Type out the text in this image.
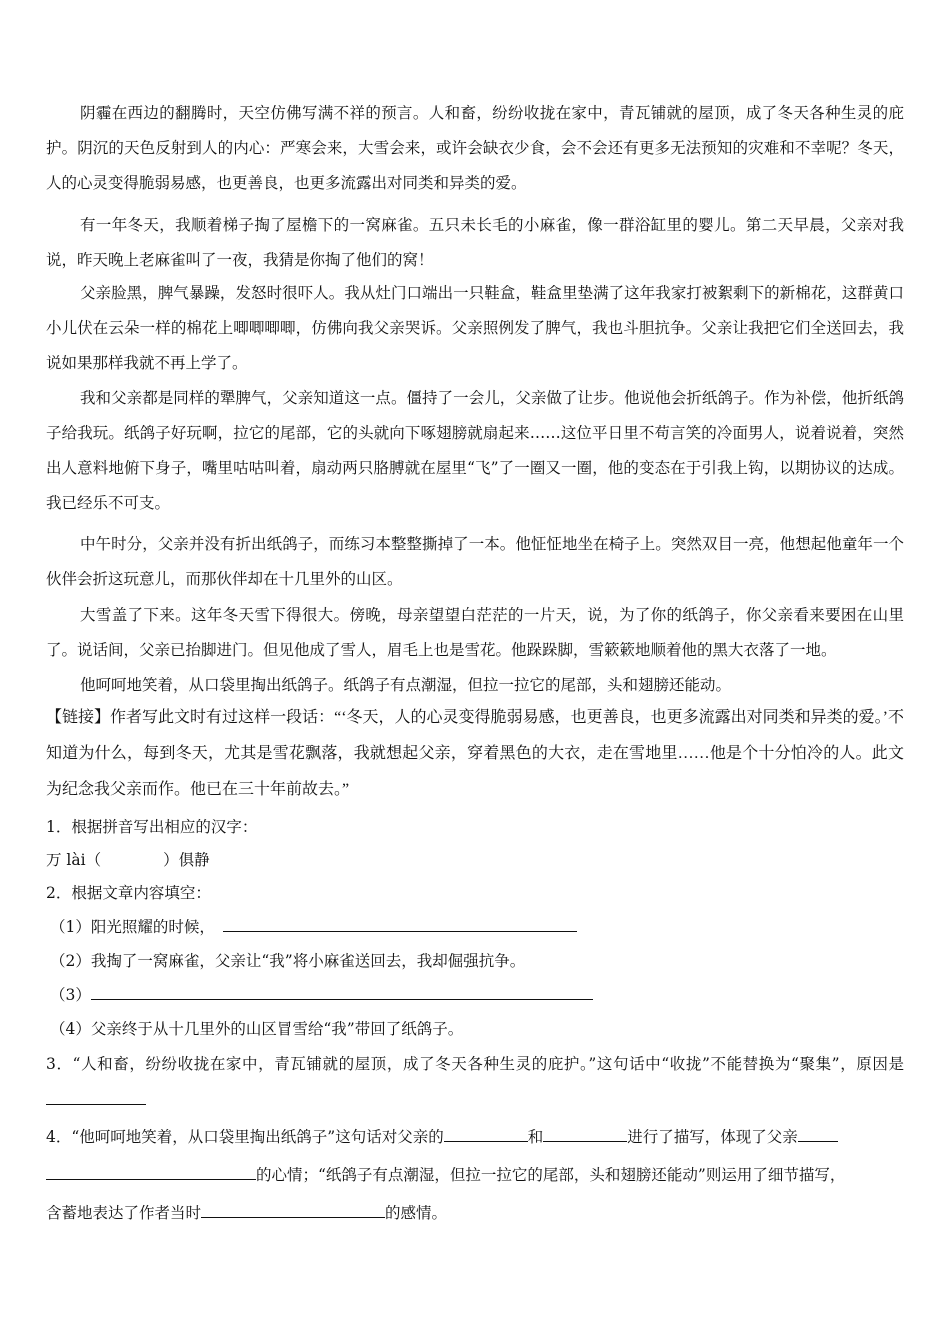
阴霾在西边的翻腾时，天空仿佛写满不祥的预言。人和畜，纷纷收拢在家中，青瓦铺就的屋顶，成了冬天各种生灵的庇护。阴沉的天色反射到人的内心：严寒会来，大雪会来，或许会缺衣少食，会不会还有更多无法预知的灾难和不幸呢？冬天，人的心灵变得脆弱易感，也更善良，也更多流露出对同类和异类的爱。
有一年冬天，我顺着梯子掏了屋檐下的一窝麻雀。五只未长毛的小麻雀，像一群浴缸里的婴儿。第二天早晨，父亲对我说，昨天晚上老麻雀叫了一夜，我猜是你掏了他们的窝！
父亲脸黑，脾气暴躁，发怒时很吓人。我从灶门口端出一只鞋盒，鞋盒里垫满了这年我家打被絮剩下的新棉花，这群黄口小儿伏在云朵一样的棉花上唧唧唧唧，仿佛向我父亲哭诉。父亲照例发了脾气，我也斗胆抗争。父亲让我把它们全送回去，我说如果那样我就不再上学了。
我和父亲都是同样的犟脾气，父亲知道这一点。僵持了一会儿，父亲做了让步。他说他会折纸鸽子。作为补偿，他折纸鸽子给我玩。纸鸽子好玩啊，拉它的尾部，它的头就向下啄翅膀就扇起来……这位平日里不苟言笑的冷面男人，说着说着，突然出人意料地俯下身子，嘴里咕咕叫着，扇动两只胳膊就在屋里“飞”了一圈又一圈，他的变态在于引我上钩，以期协议的达成。我已经乐不可支。
中午时分，父亲并没有折出纸鸽子，而练习本整整撕掉了一本。他怔怔地坐在椅子上。突然双目一亮，他想起他童年一个伙伴会折这玩意儿，而那伙伴却在十几里外的山区。
大雪盖了下来。这年冬天雪下得很大。傍晚，母亲望望白茫茫的一片天，说，为了你的纸鸽子，你父亲看来要困在山里了。说话间，父亲已抬脚进门。但见他成了雪人，眉毛上也是雪花。他跺跺脚，雪簌簌地顺着他的黑大衣落了一地。
他呵呵地笑着，从口袋里掏出纸鸽子。纸鸽子有点潮湿，但拉一拉它的尾部，头和翅膀还能动。
【链接】作者写此文时有过这样一段话：“‘冬天，人的心灵变得脆弱易感，也更善良，也更多流露出对同类和异类的爱。’不知道为什么，每到冬天，尤其是雪花飘落，我就想起父亲，穿着黑色的大衣，走在雪地里……他是个十分怕冷的人。此文为纪念我父亲而作。他已在三十年前故去。”
1．根据拼音写出相应的汉字：
万 lài（	）俱静
2．根据文章内容填空：
（1）阳光照耀的时候，
（2）我掏了一窝麻雀，父亲让“我”将小麻雀送回去，我却倔强抗争。
（3）
（4）父亲终于从十几里外的山区冒雪给“我”带回了纸鸽子。
3．“人和畜，纷纷收拢在家中，青瓦铺就的屋顶，成了冬天各种生灵的庇护。”这句话中“收拢”不能替换为“聚集”，原因是
4．“他呵呵地笑着，从口袋里掏出纸鸽子”这句话对父亲的	和	进行了描写，体现了父亲
的心情；“纸鸽子有点潮湿，但拉一拉它的尾部，头和翅膀还能动”则运用了细节描写，
含蓄地表达了作者当时	的感情。
